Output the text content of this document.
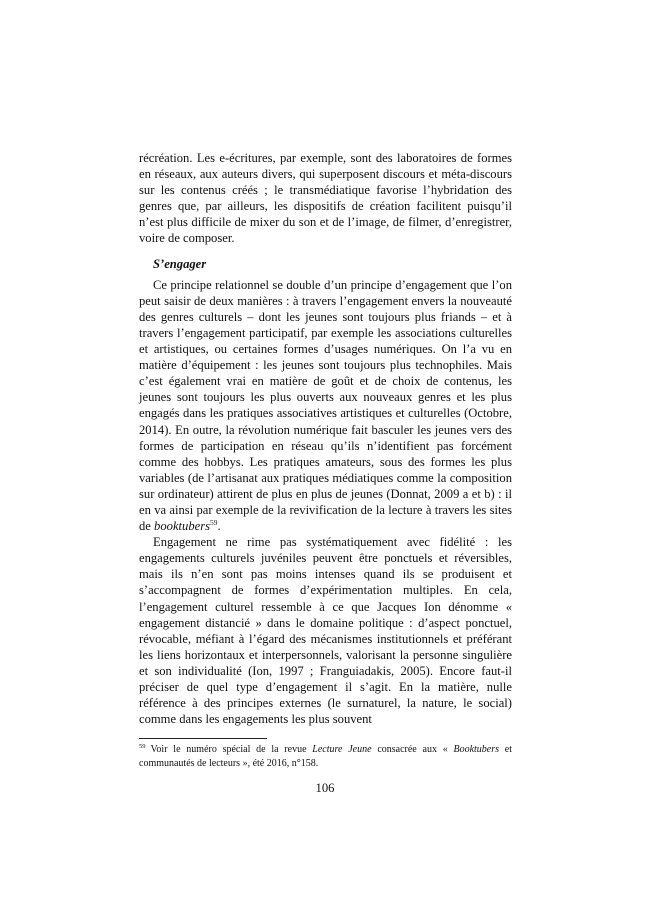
récréation. Les e-écritures, par exemple, sont des laboratoires de formes en réseaux, aux auteurs divers, qui superposent discours et méta-discours sur les contenus créés ; le transmédiatique favorise l’hybridation des genres que, par ailleurs, les dispositifs de création facilitent puisqu’il n’est plus difficile de mixer du son et de l’image, de filmer, d’enregistrer, voire de composer.

S’engager

Ce principe relationnel se double d’un principe d’engagement que l’on peut saisir de deux manières : à travers l’engagement envers la nouveauté des genres culturels – dont les jeunes sont toujours plus friands – et à travers l’engagement participatif, par exemple les associations culturelles et artistiques, ou certaines formes d’usages numériques. On l’a vu en matière d’équipement : les jeunes sont toujours plus technophiles. Mais c’est également vrai en matière de goût et de choix de contenus, les jeunes sont toujours les plus ouverts aux nouveaux genres et les plus engagés dans les pratiques associatives artistiques et culturelles (Octobre, 2014). En outre, la révolution numérique fait basculer les jeunes vers des formes de participation en réseau qu’ils n’identifient pas forcément comme des hobbys. Les pratiques amateurs, sous des formes les plus variables (de l’artisanat aux pratiques médiatiques comme la composition sur ordinateur) attirent de plus en plus de jeunes (Donnat, 2009 a et b) : il en va ainsi par exemple de la revivification de la lecture à travers les sites de booktubers$^{59}$.

Engagement ne rime pas systématiquement avec fidélité : les engagements culturels juvéniles peuvent être ponctuels et réversibles, mais ils n’en sont pas moins intenses quand ils se produisent et s’accompagnent de formes d’expérimentation multiples. En cela, l’engagement culturel ressemble à ce que Jacques Ion dénomme « engagement distancié » dans le domaine politique : d’aspect ponctuel, révocable, méfiant à l’égard des mécanismes institutionnels et préférant les liens horizontaux et interpersonnels, valorisant la personne singulière et son individualité (Ion, 1997 ; Franguiadakis, 2005). Encore faut-il préciser de quel type d’engagement il s’agit. En la matière, nulle référence à des principes externes (le surnaturel, la nature, le social) comme dans les engagements les plus souvent

$^{59}$ Voir le numéro spécial de la revue Lecture Jeune consacrée aux « Booktubers et communautés de lecteurs », été 2016, n°158.

106
